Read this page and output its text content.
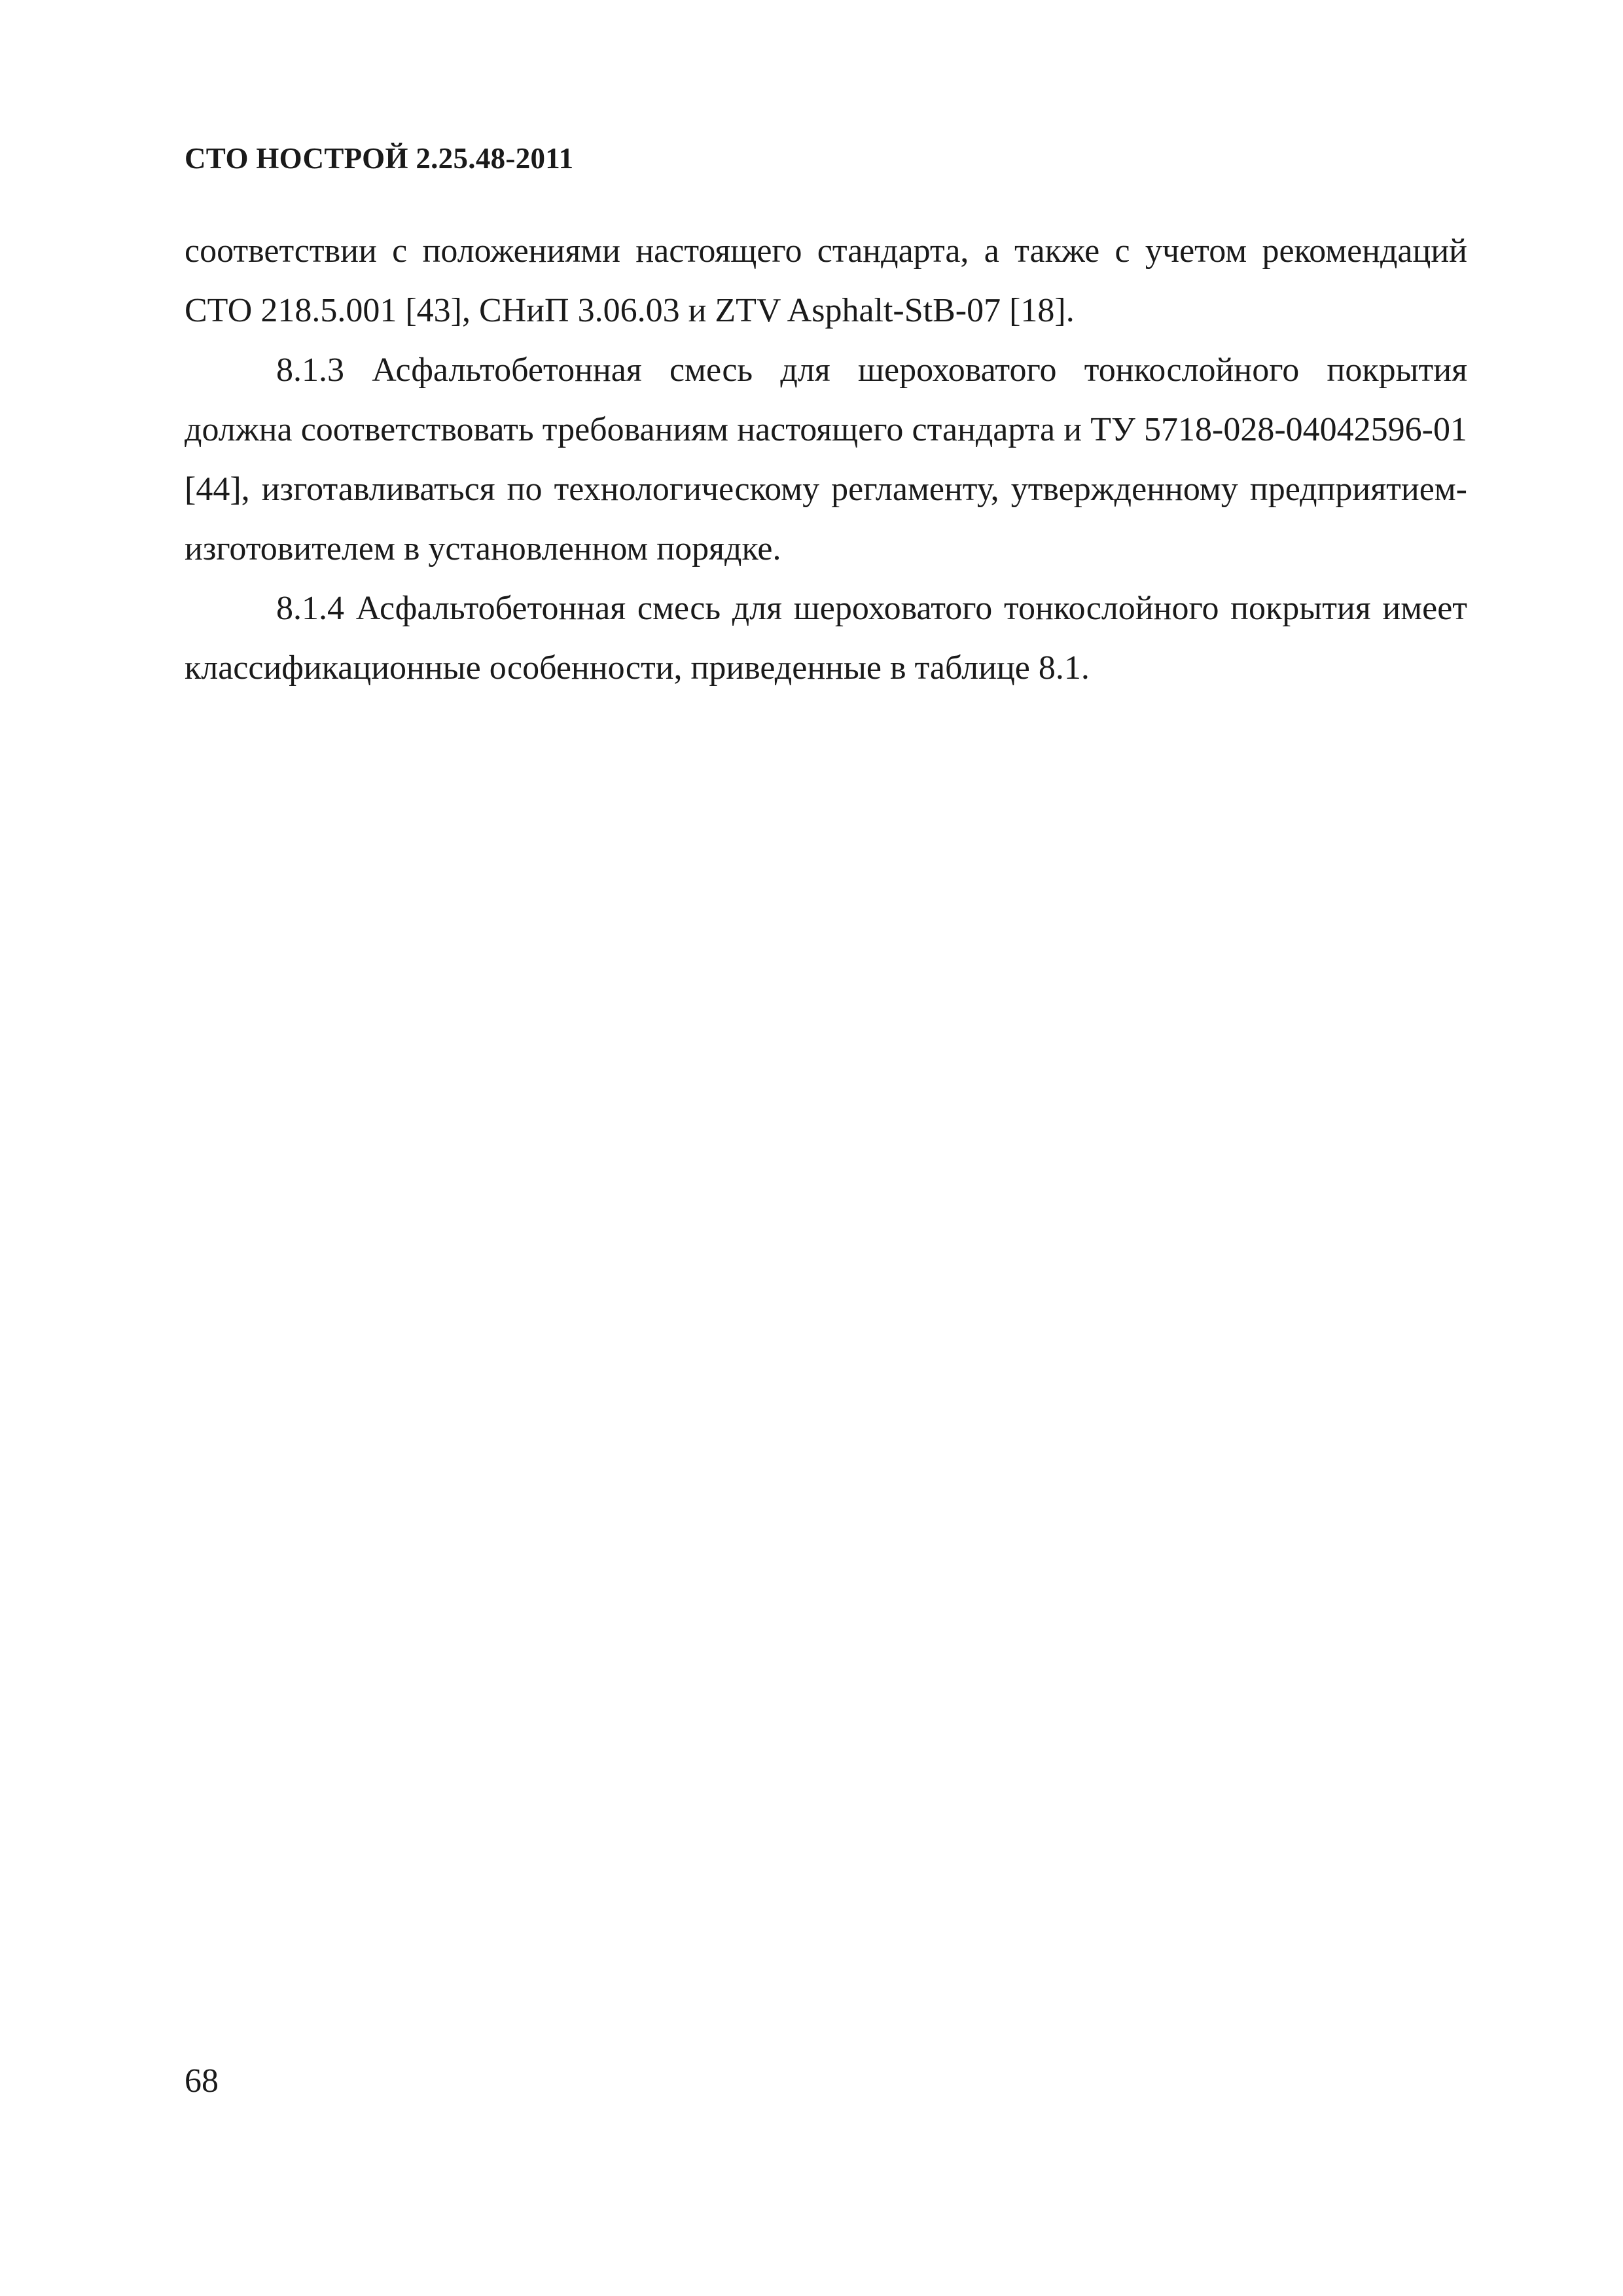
СТО НОСТРОЙ 2.25.48-2011

соответствии с положениями настоящего стандарта, а также с учетом рекомендаций СТО 218.5.001 [43], СНиП 3.06.03 и ZTV Asphalt-StB-07 [18].

8.1.3 Асфальтобетонная смесь для шероховатого тонкослойного покрытия должна соответствовать требованиям настоящего стандарта и ТУ 5718-028-04042596-01 [44], изготавливаться по технологическому регламенту, утвержденному предприятием-изготовителем в установленном порядке.

8.1.4 Асфальтобетонная смесь для шероховатого тонкослойного покрытия имеет классификационные особенности, приведенные в таблице 8.1.

68
